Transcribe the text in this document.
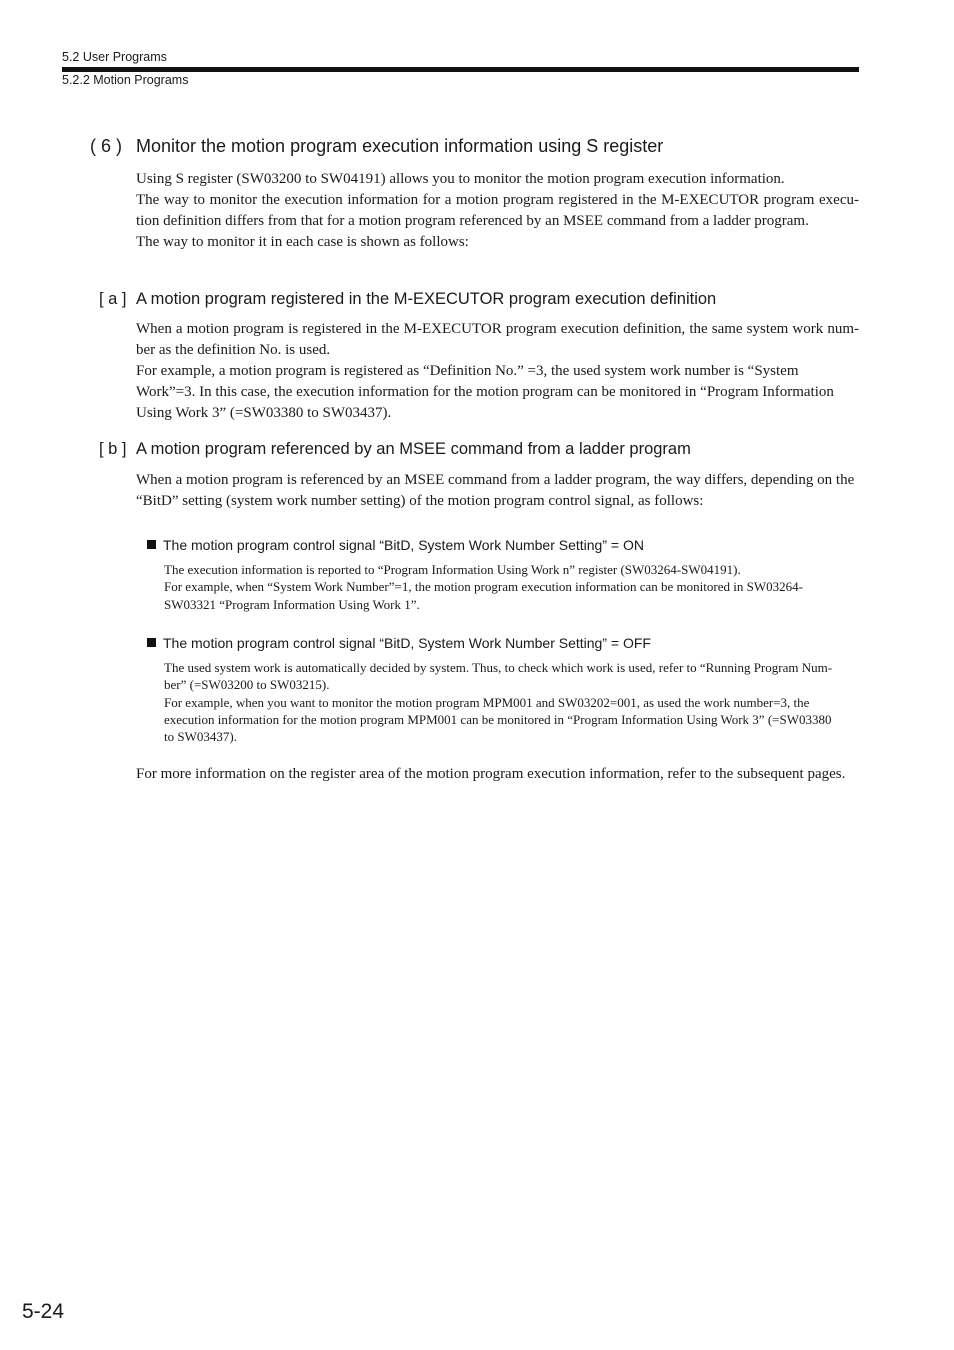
5.2 User Programs
5.2.2 Motion Programs
( 6 ) Monitor the motion program execution information using S register
Using S register (SW03200 to SW04191) allows you to monitor the motion program execution information.
The way to monitor the execution information for a motion program registered in the M-EXECUTOR program execu-
tion definition differs from that for a motion program referenced by an MSEE command from a ladder program.
The way to monitor it in each case is shown as follows:
[ a ] A motion program registered in the M-EXECUTOR program execution definition
When a motion program is registered in the M-EXECUTOR program execution definition, the same system work num-
ber as the definition No. is used.
For example, a motion program is registered as “Definition No.” =3, the used system work number is “System
Work”=3. In this case, the execution information for the motion program can be monitored in “Program Information
Using Work 3” (=SW03380 to SW03437).
[ b ] A motion program referenced by an MSEE command from a ladder program
When a motion program is referenced by an MSEE command from a ladder program, the way differs, depending on the
“BitD” setting (system work number setting) of the motion program control signal, as follows:
The motion program control signal “BitD, System Work Number Setting” = ON
The execution information is reported to “Program Information Using Work n” register (SW03264-SW04191).
For example, when “System Work Number”=1, the motion program execution information can be monitored in SW03264-
SW03321 “Program Information Using Work 1”.
The motion program control signal “BitD, System Work Number Setting” = OFF
The used system work is automatically decided by system. Thus, to check which work is used, refer to “Running Program Num-
ber” (=SW03200 to SW03215).
For example, when you want to monitor the motion program MPM001 and SW03202=001, as used the work number=3, the
execution information for the motion program MPM001 can be monitored in “Program Information Using Work 3” (=SW03380
to SW03437).
For more information on the register area of the motion program execution information, refer to the subsequent pages.
5-24
